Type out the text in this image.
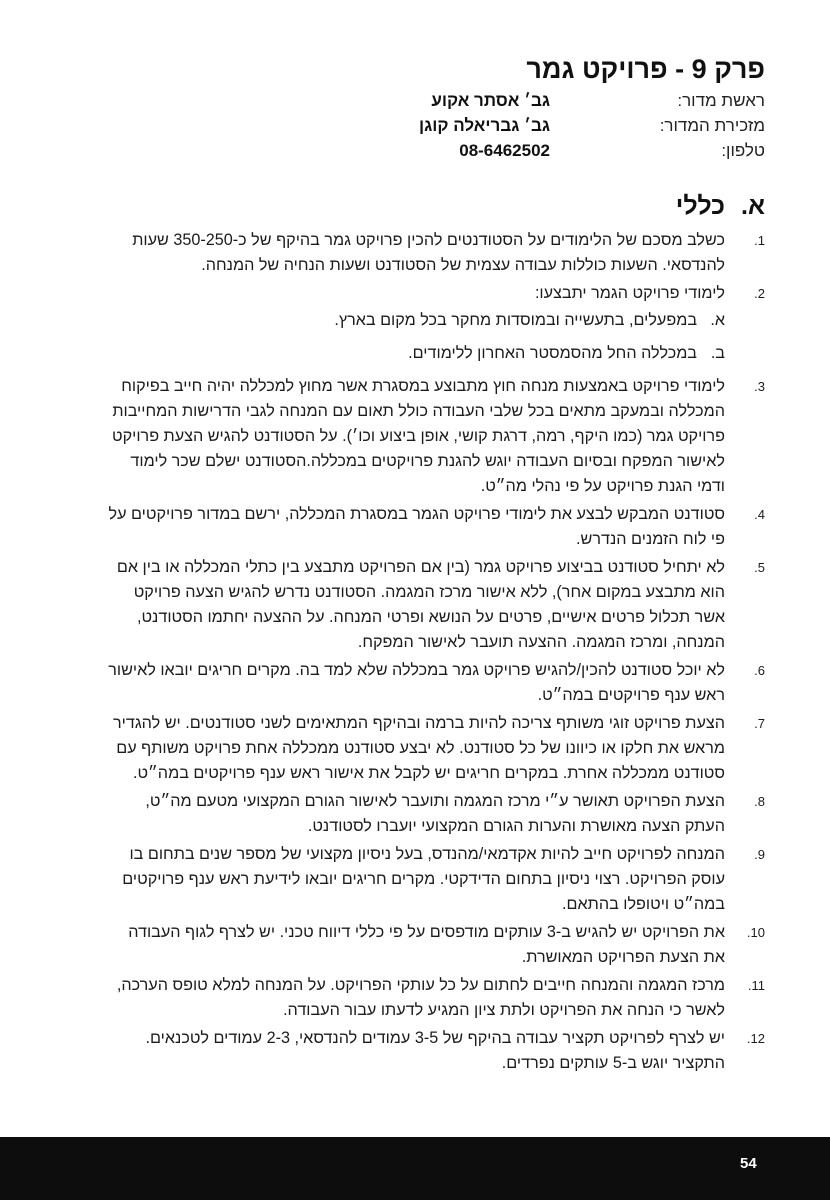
פרק 9 - פרויקט גמר
ראשת מדור:
גב׳ אסתר אקוע
מזכירת המדור:
גב׳ גבריאלה קוגן
טלפון:
08-6462502
א.כללי
1.
כשלב מסכם של הלימודים על הסטודנטים להכין פרויקט גמר בהיקף של כ-350-250 שעות להנדסאי. השעות כוללות עבודה עצמית של הסטודנט ושעות הנחיה של המנחה.
2.
לימודי פרויקט הגמר יתבצעו:
א.
במפעלים, בתעשייה ובמוסדות מחקר בכל מקום בארץ.
ב.
במכללה החל מהסמסטר האחרון ללימודים.
3.
לימודי פרויקט באמצעות מנחה חוץ מתבוצע במסגרת אשר מחוץ למכללה יהיה חייב בפיקוח המכללה ובמעקב מתאים בכל שלבי העבודה כולל תאום עם המנחה לגבי הדרישות המחייבות פרויקט גמר (כמו היקף, רמה, דרגת קושי, אופן ביצוע וכו׳). על הסטודנט להגיש הצעת פרויקט לאישור המפקח ובסיום העבודה יוגש להגנת פרויקטים במכללה.הסטודנט ישלם שכר לימוד ודמי הגנת פרויקט על פי נהלי מה״ט.
4.
סטודנט המבקש לבצע את לימודי פרויקט הגמר במסגרת המכללה, ירשם במדור פרויקטים על פי לוח הזמנים הנדרש.
5.
לא יתחיל סטודנט בביצוע פרויקט גמר (בין אם הפרויקט מתבצע בין כתלי המכללה או בין אם הוא מתבצע במקום אחר), ללא אישור מרכז המגמה. הסטודנט נדרש להגיש הצעה פרויקט אשר תכלול פרטים אישיים, פרטים על הנושא ופרטי המנחה. על ההצעה יחתמו הסטודנט, המנחה, ומרכז המגמה. ההצעה תועבר לאישור המפקח.
6.
לא יוכל סטודנט להכין/להגיש פרויקט גמר במכללה שלא למד בה. מקרים חריגים יובאו לאישור ראש ענף פרויקטים במה״ט.
7.
הצעת פרויקט זוגי משותף צריכה להיות ברמה ובהיקף המתאימים לשני סטודנטים. יש להגדיר מראש את חלקו או כיוונו של כל סטודנט. לא יבצע סטודנט ממכללה אחת פרויקט משותף עם סטודנט ממכללה אחרת. במקרים חריגים יש לקבל את אישור ראש ענף פרויקטים במה״ט.
8.
הצעת הפרויקט תאושר ע״י מרכז המגמה ותועבר לאישור הגורם המקצועי מטעם מה״ט, העתק הצעה מאושרת והערות הגורם המקצועי יועברו לסטודנט.
9.
המנחה לפרויקט חייב להיות אקדמאי/מהנדס, בעל ניסיון מקצועי של מספר שנים בתחום בו עוסק הפרויקט. רצוי ניסיון בתחום הדידקטי. מקרים חריגים יובאו לידיעת ראש ענף פרויקטים במה״ט ויטופלו בהתאם.
10.
את הפרויקט יש להגיש ב-3 עותקים מודפסים על פי כללי דיווח טכני. יש לצרף לגוף העבודה את הצעת הפרויקט המאושרת.
11.
מרכז המגמה והמנחה חייבים לחתום על כל עותקי הפרויקט. על המנחה למלא טופס הערכה, לאשר כי הנחה את הפרויקט ולתת ציון המגיע לדעתו עבור העבודה.
12.
יש לצרף לפרויקט תקציר עבודה בהיקף של 3-5 עמודים להנדסאי, 2-3 עמודים לטכנאים. התקציר יוגש ב-5 עותקים נפרדים.
54
